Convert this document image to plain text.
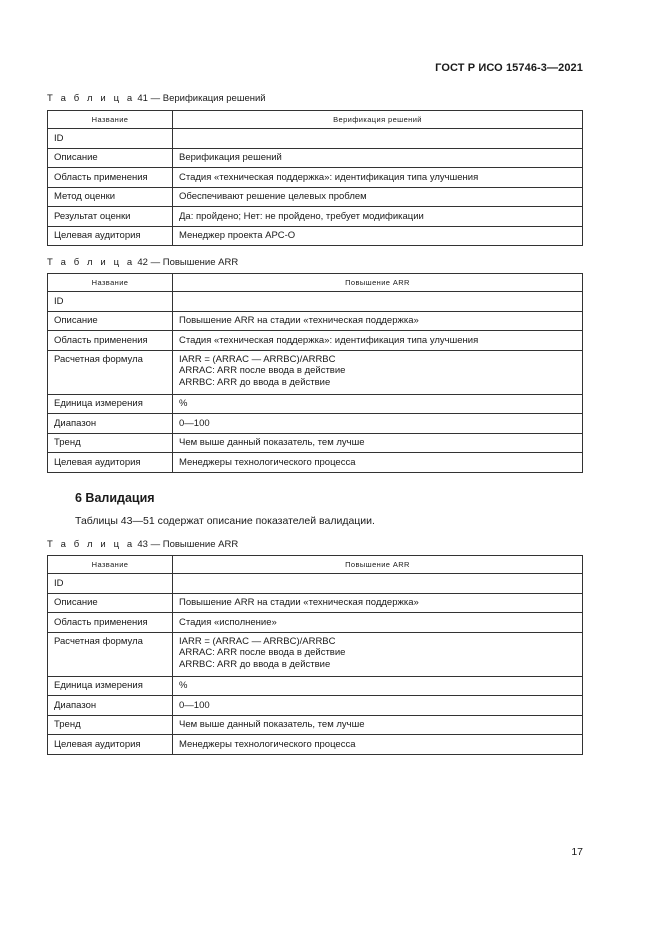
ГОСТ Р ИСО 15746-3—2021
Т а б л и ц а 41 — Верификация решений
Название	Верификация решений
ID	
Описание	Верификация решений
Область применения	Стадия «техническая поддержка»: идентификация типа улучшения
Метод оценки	Обеспечивают решение целевых проблем
Результат оценки	Да: пройдено; Нет: не пройдено, требует модификации
Целевая аудитория	Менеджер проекта АРС-О
Т а б л и ц а 42 — Повышение ARR
Название	Повышение ARR
ID	
Описание	Повышение ARR на стадии «техническая поддержка»
Область применения	Стадия «техническая поддержка»: идентификация типа улучшения
Расчетная формула	IARR = (ARRAC — ARRBC)/ARRBC
ARRAC: ARR после ввода в действие
ARRBC: ARR до ввода в действие

Единица измерения	%
Диапазон	0—100
Тренд	Чем выше данный показатель, тем лучше
Целевая аудитория	Менеджеры технологического процесса
6 Валидация
Таблицы 43—51 содержат описание показателей валидации.
Т а б л и ц а 43 — Повышение ARR
Название	Повышение ARR
ID	
Описание	Повышение ARR на стадии «техническая поддержка»
Область применения	Стадия «исполнение»
Расчетная формула	IARR = (ARRAC — ARRBC)/ARRBC
ARRAC: ARR после ввода в действие
ARRBC: ARR до ввода в действие

Единица измерения	%
Диапазон	0—100
Тренд	Чем выше данный показатель, тем лучше
Целевая аудитория	Менеджеры технологического процесса
17
